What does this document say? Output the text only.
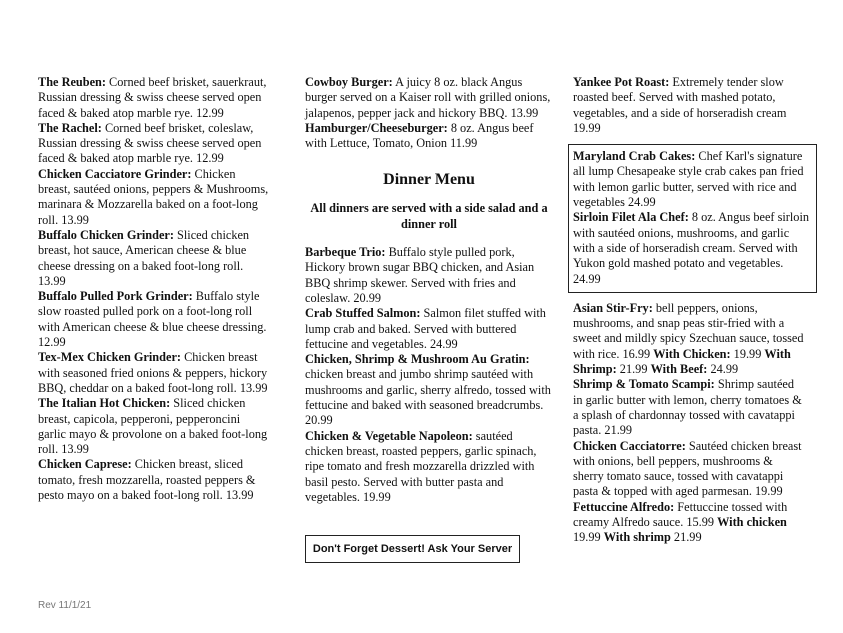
The Reuben: Corned beef brisket, sauerkraut, Russian dressing & swiss cheese served open faced & baked atop marble rye. 12.99

The Rachel: Corned beef brisket, coleslaw, Russian dressing & swiss cheese served open faced & baked atop marble rye. 12.99

Chicken Cacciatore Grinder: Chicken breast, sautéed onions, peppers & Mushrooms, marinara & Mozzarella baked on a foot-long roll. 13.99

Buffalo Chicken Grinder: Sliced chicken breast, hot sauce, American cheese & blue cheese dressing on a baked foot-long roll. 13.99

Buffalo Pulled Pork Grinder: Buffalo style slow roasted pulled pork on a foot-long roll with American cheese & blue cheese dressing. 12.99

Tex-Mex Chicken Grinder: Chicken breast with seasoned fried onions & peppers, hickory BBQ, cheddar on a baked foot-long roll. 13.99

The Italian Hot Chicken: Sliced chicken breast, capicola, pepperoni, pepperoncini garlic mayo & provolone on a baked foot-long roll. 13.99

Chicken Caprese: Chicken breast, sliced tomato, fresh mozzarella, roasted peppers & pesto mayo on a baked foot-long roll. 13.99

Cowboy Burger: A juicy 8 oz. black Angus burger served on a Kaiser roll with grilled onions, jalapenos, pepper jack and hickory BBQ. 13.99

Hamburger/Cheeseburger: 8 oz. Angus beef with Lettuce, Tomato, Onion 11.99

Dinner Menu
All dinners are served with a side salad and a dinner roll

Barbeque Trio: Buffalo style pulled pork, Hickory brown sugar BBQ chicken, and Asian BBQ shrimp skewer. Served with fries and coleslaw. 20.99

Crab Stuffed Salmon: Salmon filet stuffed with lump crab and baked. Served with buttered fettucine and vegetables. 24.99

Chicken, Shrimp & Mushroom Au Gratin: chicken breast and jumbo shrimp sautéed with mushrooms and garlic, sherry alfredo, tossed with fettucine and baked with seasoned breadcrumbs. 20.99

Chicken & Vegetable Napoleon: sautéed chicken breast, roasted peppers, garlic spinach, ripe tomato and fresh mozzarella drizzled with basil pesto. Served with butter pasta and vegetables. 19.99

Don't Forget Dessert! Ask Your Server

Yankee Pot Roast: Extremely tender slow roasted beef. Served with mashed potato, vegetables, and a side of horseradish cream 19.99

Maryland Crab Cakes: Chef Karl's signature all lump Chesapeake style crab cakes pan fried with lemon garlic butter, served with rice and vegetables 24.99

Sirloin Filet Ala Chef: 8 oz. Angus beef sirloin with sautéed onions, mushrooms, and garlic with a side of horseradish cream. Served with Yukon gold mashed potato and vegetables. 24.99

Asian Stir-Fry: bell peppers, onions, mushrooms, and snap peas stir-fried with a sweet and mildly spicy Szechuan sauce, tossed with rice. 16.99 With Chicken: 19.99 With Shrimp: 21.99 With Beef: 24.99

Shrimp & Tomato Scampi: Shrimp sautéed in garlic butter with lemon, cherry tomatoes & a splash of chardonnay tossed with cavatappi pasta. 21.99

Chicken Cacciatorre: Sautéed chicken breast with onions, bell peppers, mushrooms & sherry tomato sauce, tossed with cavatappi pasta & topped with aged parmesan. 19.99

Fettuccine Alfredo: Fettuccine tossed with creamy Alfredo sauce. 15.99 With chicken 19.99 With shrimp 21.99

Rev 11/1/21
